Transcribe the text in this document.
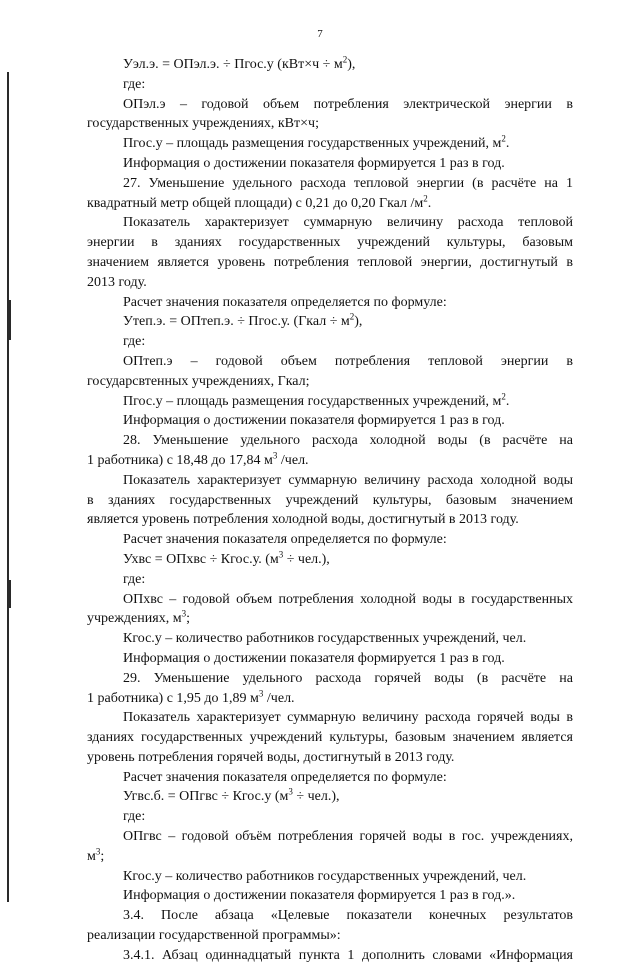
7
Уэл.э. = ОПэл.э. ÷ Пгос.у $(кВт\times ч \div м^2)$,
где:
ОПэл.э – годовой объем потребления электрической энергии в
государственных учреждениях, кВт×ч;
Пгос.у – площадь размещения государственных учреждений, $м^2$.
Информация о достижении показателя формируется 1 раз в год.
27. Уменьшение удельного расхода тепловой энергии (в расчёте на 1
квадратный метр общей площади) с 0,21 до 0,20 Гкал $/м^2$.
Показатель характеризует суммарную величину расхода тепловой
энергии в зданиях государственных учреждений культуры, базовым
значением является уровень потребления тепловой энергии, достигнутый в
2013 году.
Расчет значения показателя определяется по формуле:
Утеп.э. = ОПтеп.э. ÷ Пгос.у. (Гкал ÷ $м^2$),
где:
ОПтеп.э – годовой объем потребления тепловой энергии в
государсвтенных учреждениях, Гкал;
Пгос.у – площадь размещения государственных учреждений, $м^2$.
Информация о достижении показателя формируется 1 раз в год.
28. Уменьшение удельного расхода холодной воды (в расчёте на
1 работника) с 18,48 до 17,84 $м^3$ /чел.
Показатель характеризует суммарную величину расхода холодной воды
в зданиях государственных учреждений культуры, базовым значением
является уровень потребления холодной воды, достигнутый в 2013 году.
Расчет значения показателя определяется по формуле:
Ухвс = ОПхвс ÷ Кгос.у. $(м^3 \div чел.)$,
где:
ОПхвс – годовой объем потребления холодной воды в государственных
учреждениях, $м^3$;
Кгос.у – количество работников государственных учреждений, чел.
Информация о достижении показателя формируется 1 раз в год.
29. Уменьшение удельного расхода горячей воды (в расчёте на
1 работника) с 1,95 до 1,89 $м^3$ /чел.
Показатель характеризует суммарную величину расхода горячей воды в
зданиях государственных учреждений культуры, базовым значением является
уровень потребления горячей воды, достигнутый в 2013 году.
Расчет значения показателя определяется по формуле:
Угвс.б. = ОПгвс ÷ Кгос.у $(м^3 \div чел.)$,
где:
ОПгвс – годовой объём потребления горячей воды в гос. учреждениях,
$м^3$;
Кгос.у – количество работников государственных учреждений, чел.
Информация о достижении показателя формируется 1 раз в год.».
3.4. После абзаца «Целевые показатели конечных результатов
реализации государственной программы»:
3.4.1. Абзац одиннадцатый пункта 1 дополнить словами «Информация
